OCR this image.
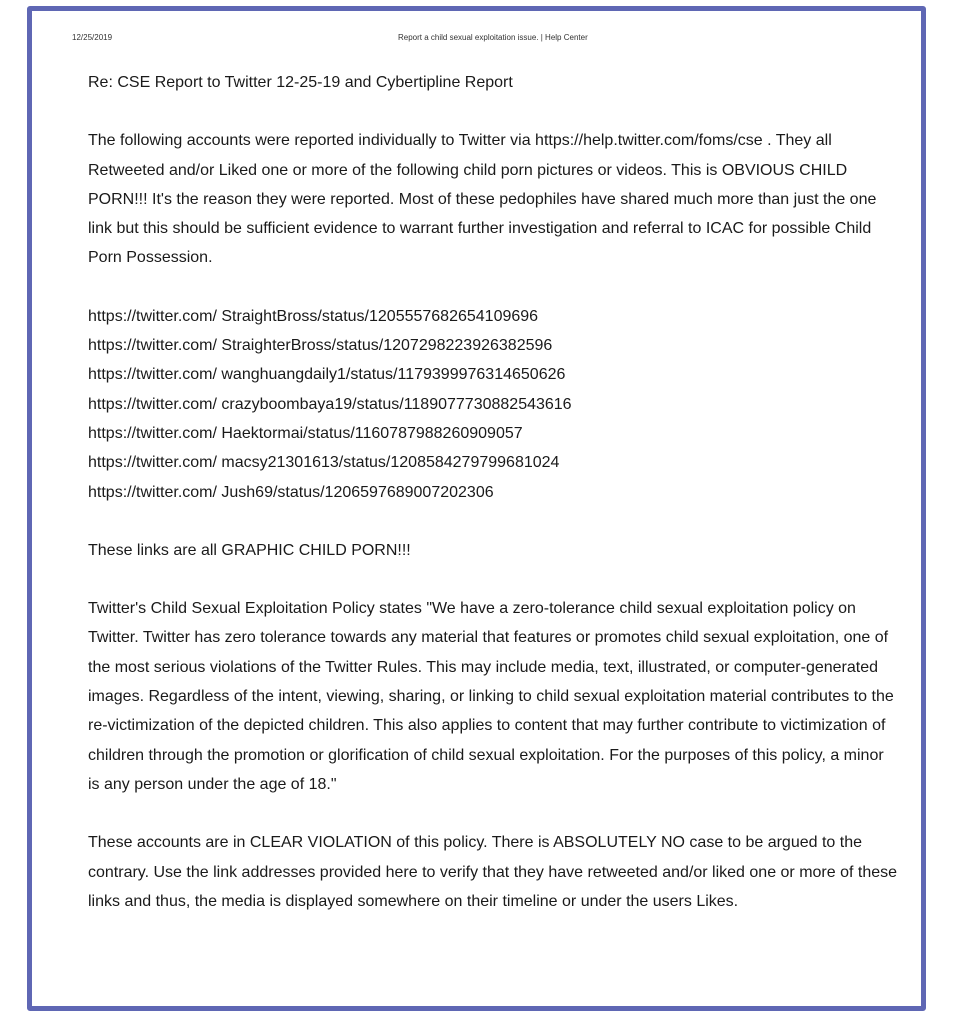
12/25/2019	Report a child sexual exploitation issue. | Help Center
Re: CSE Report to Twitter 12-25-19 and Cybertipline Report
The following accounts were reported individually to Twitter via https://help.twitter.com/foms/cse . They all Retweeted and/or Liked one or more of the following child porn pictures or videos. This is OBVIOUS CHILD PORN!!! It's the reason they were reported. Most of these pedophiles have shared much more than just the one link but this should be sufficient evidence to warrant further investigation and referral to ICAC for possible Child Porn Possession.
https://twitter.com/ StraightBross/status/1205557682654109696
https://twitter.com/ StraighterBross/status/1207298223926382596
https://twitter.com/ wanghuangdaily1/status/1179399976314650626
https://twitter.com/ crazyboombaya19/status/1189077730882543616
https://twitter.com/ Haektormai/status/1160787988260909057
https://twitter.com/ macsy21301613/status/1208584279799681024
https://twitter.com/ Jush69/status/1206597689007202306
These links are all GRAPHIC CHILD PORN!!!
Twitter's Child Sexual Exploitation Policy states "We have a zero-tolerance child sexual exploitation policy on Twitter. Twitter has zero tolerance towards any material that features or promotes child sexual exploitation, one of the most serious violations of the Twitter Rules. This may include media, text, illustrated, or computer-generated images. Regardless of the intent, viewing, sharing, or linking to child sexual exploitation material contributes to the re-victimization of the depicted children. This also applies to content that may further contribute to victimization of children through the promotion or glorification of child sexual exploitation. For the purposes of this policy, a minor is any person under the age of 18."
These accounts are in CLEAR VIOLATION of this policy. There is ABSOLUTELY NO case to be argued to the contrary. Use the link addresses provided here to verify that they have retweeted and/or liked one or more of these links and thus, the media is displayed somewhere on their timeline or under the users Likes.
